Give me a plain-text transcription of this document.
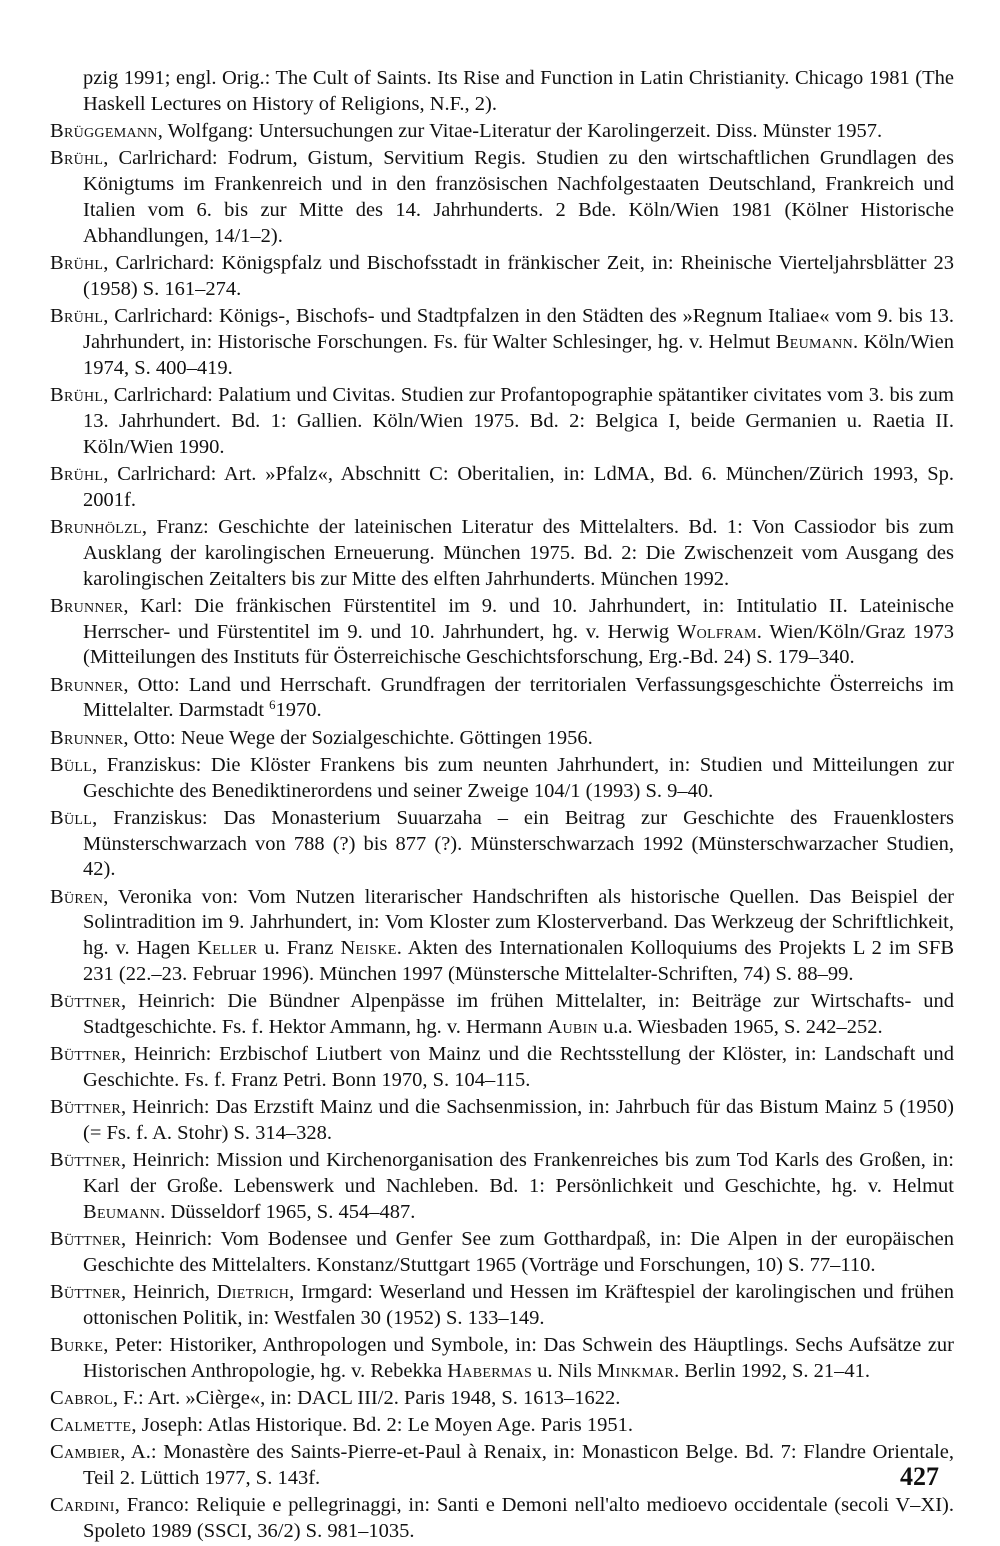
pzig 1991; engl. Orig.: The Cult of Saints. Its Rise and Function in Latin Christianity. Chicago 1981 (The Haskell Lectures on History of Religions, N.F., 2).

Brüggemann, Wolfgang: Untersuchungen zur Vitae-Literatur der Karolingerzeit. Diss. Münster 1957.

Brühl, Carlrichard: Fodrum, Gistum, Servitium Regis. Studien zu den wirtschaftlichen Grundlagen des Königtums im Frankenreich und in den französischen Nachfolgestaaten Deutschland, Frankreich und Italien vom 6. bis zur Mitte des 14. Jahrhunderts. 2 Bde. Köln/Wien 1981 (Kölner Historische Abhandlungen, 14/1–2).

Brühl, Carlrichard: Königspfalz und Bischofsstadt in fränkischer Zeit, in: Rheinische Vierteljahrsblätter 23 (1958) S. 161–274.

Brühl, Carlrichard: Königs-, Bischofs- und Stadtpfalzen in den Städten des »Regnum Italiae« vom 9. bis 13. Jahrhundert, in: Historische Forschungen. Fs. für Walter Schlesinger, hg. v. Helmut Beumann. Köln/Wien 1974, S. 400–419.

Brühl, Carlrichard: Palatium und Civitas. Studien zur Profantopographie spätantiker civitates vom 3. bis zum 13. Jahrhundert. Bd. 1: Gallien. Köln/Wien 1975. Bd. 2: Belgica I, beide Germanien u. Raetia II. Köln/Wien 1990.

Brühl, Carlrichard: Art. »Pfalz«, Abschnitt C: Oberitalien, in: LdMA, Bd. 6. München/Zürich 1993, Sp. 2001f.

Brunhölzl, Franz: Geschichte der lateinischen Literatur des Mittelalters. Bd. 1: Von Cassiodor bis zum Ausklang der karolingischen Erneuerung. München 1975. Bd. 2: Die Zwischenzeit vom Ausgang des karolingischen Zeitalters bis zur Mitte des elften Jahrhunderts. München 1992.

Brunner, Karl: Die fränkischen Fürstentitel im 9. und 10. Jahrhundert, in: Intitulatio II. Lateinische Herrscher- und Fürstentitel im 9. und 10. Jahrhundert, hg. v. Herwig Wolfram. Wien/Köln/Graz 1973 (Mitteilungen des Instituts für Österreichische Geschichtsforschung, Erg.-Bd. 24) S. 179–340.

Brunner, Otto: Land und Herrschaft. Grundfragen der territorialen Verfassungsgeschichte Österreichs im Mittelalter. Darmstadt $^6$1970.

Brunner, Otto: Neue Wege der Sozialgeschichte. Göttingen 1956.

Büll, Franziskus: Die Klöster Frankens bis zum neunten Jahrhundert, in: Studien und Mitteilungen zur Geschichte des Benediktinerordens und seiner Zweige 104/1 (1993) S. 9–40.

Büll, Franziskus: Das Monasterium Suuarzaha – ein Beitrag zur Geschichte des Frauenklosters Münsterschwarzach von 788 (?) bis 877 (?). Münsterschwarzach 1992 (Münsterschwarzacher Studien, 42).

Büren, Veronika von: Vom Nutzen literarischer Handschriften als historische Quellen. Das Beispiel der Solintradition im 9. Jahrhundert, in: Vom Kloster zum Klosterverband. Das Werkzeug der Schriftlichkeit, hg. v. Hagen Keller u. Franz Neiske. Akten des Internationalen Kolloquiums des Projekts L 2 im SFB 231 (22.–23. Februar 1996). München 1997 (Münstersche Mittelalter-Schriften, 74) S. 88–99.

Büttner, Heinrich: Die Bündner Alpenpässe im frühen Mittelalter, in: Beiträge zur Wirtschafts- und Stadtgeschichte. Fs. f. Hektor Ammann, hg. v. Hermann Aubin u.a. Wiesbaden 1965, S. 242–252.

Büttner, Heinrich: Erzbischof Liutbert von Mainz und die Rechtsstellung der Klöster, in: Landschaft und Geschichte. Fs. f. Franz Petri. Bonn 1970, S. 104–115.

Büttner, Heinrich: Das Erzstift Mainz und die Sachsenmission, in: Jahrbuch für das Bistum Mainz 5 (1950) (= Fs. f. A. Stohr) S. 314–328.

Büttner, Heinrich: Mission und Kirchenorganisation des Frankenreiches bis zum Tod Karls des Großen, in: Karl der Große. Lebenswerk und Nachleben. Bd. 1: Persönlichkeit und Geschichte, hg. v. Helmut Beumann. Düsseldorf 1965, S. 454–487.

Büttner, Heinrich: Vom Bodensee und Genfer See zum Gotthardpaß, in: Die Alpen in der europäischen Geschichte des Mittelalters. Konstanz/Stuttgart 1965 (Vorträge und Forschungen, 10) S. 77–110.

Büttner, Heinrich, Dietrich, Irmgard: Weserland und Hessen im Kräftespiel der karolingischen und frühen ottonischen Politik, in: Westfalen 30 (1952) S. 133–149.

Burke, Peter: Historiker, Anthropologen und Symbole, in: Das Schwein des Häuptlings. Sechs Aufsätze zur Historischen Anthropologie, hg. v. Rebekka Habermas u. Nils Minkmar. Berlin 1992, S. 21–41.

Cabrol, F.: Art. »Cièrge«, in: DACL III/2. Paris 1948, S. 1613–1622.

Calmette, Joseph: Atlas Historique. Bd. 2: Le Moyen Age. Paris 1951.

Cambier, A.: Monastère des Saints-Pierre-et-Paul à Renaix, in: Monasticon Belge. Bd. 7: Flandre Orientale, Teil 2. Lüttich 1977, S. 143f.

Cardini, Franco: Reliquie e pellegrinaggi, in: Santi e Demoni nell'alto medioevo occidentale (secoli V–XI). Spoleto 1989 (SSCI, 36/2) S. 981–1035.

427
